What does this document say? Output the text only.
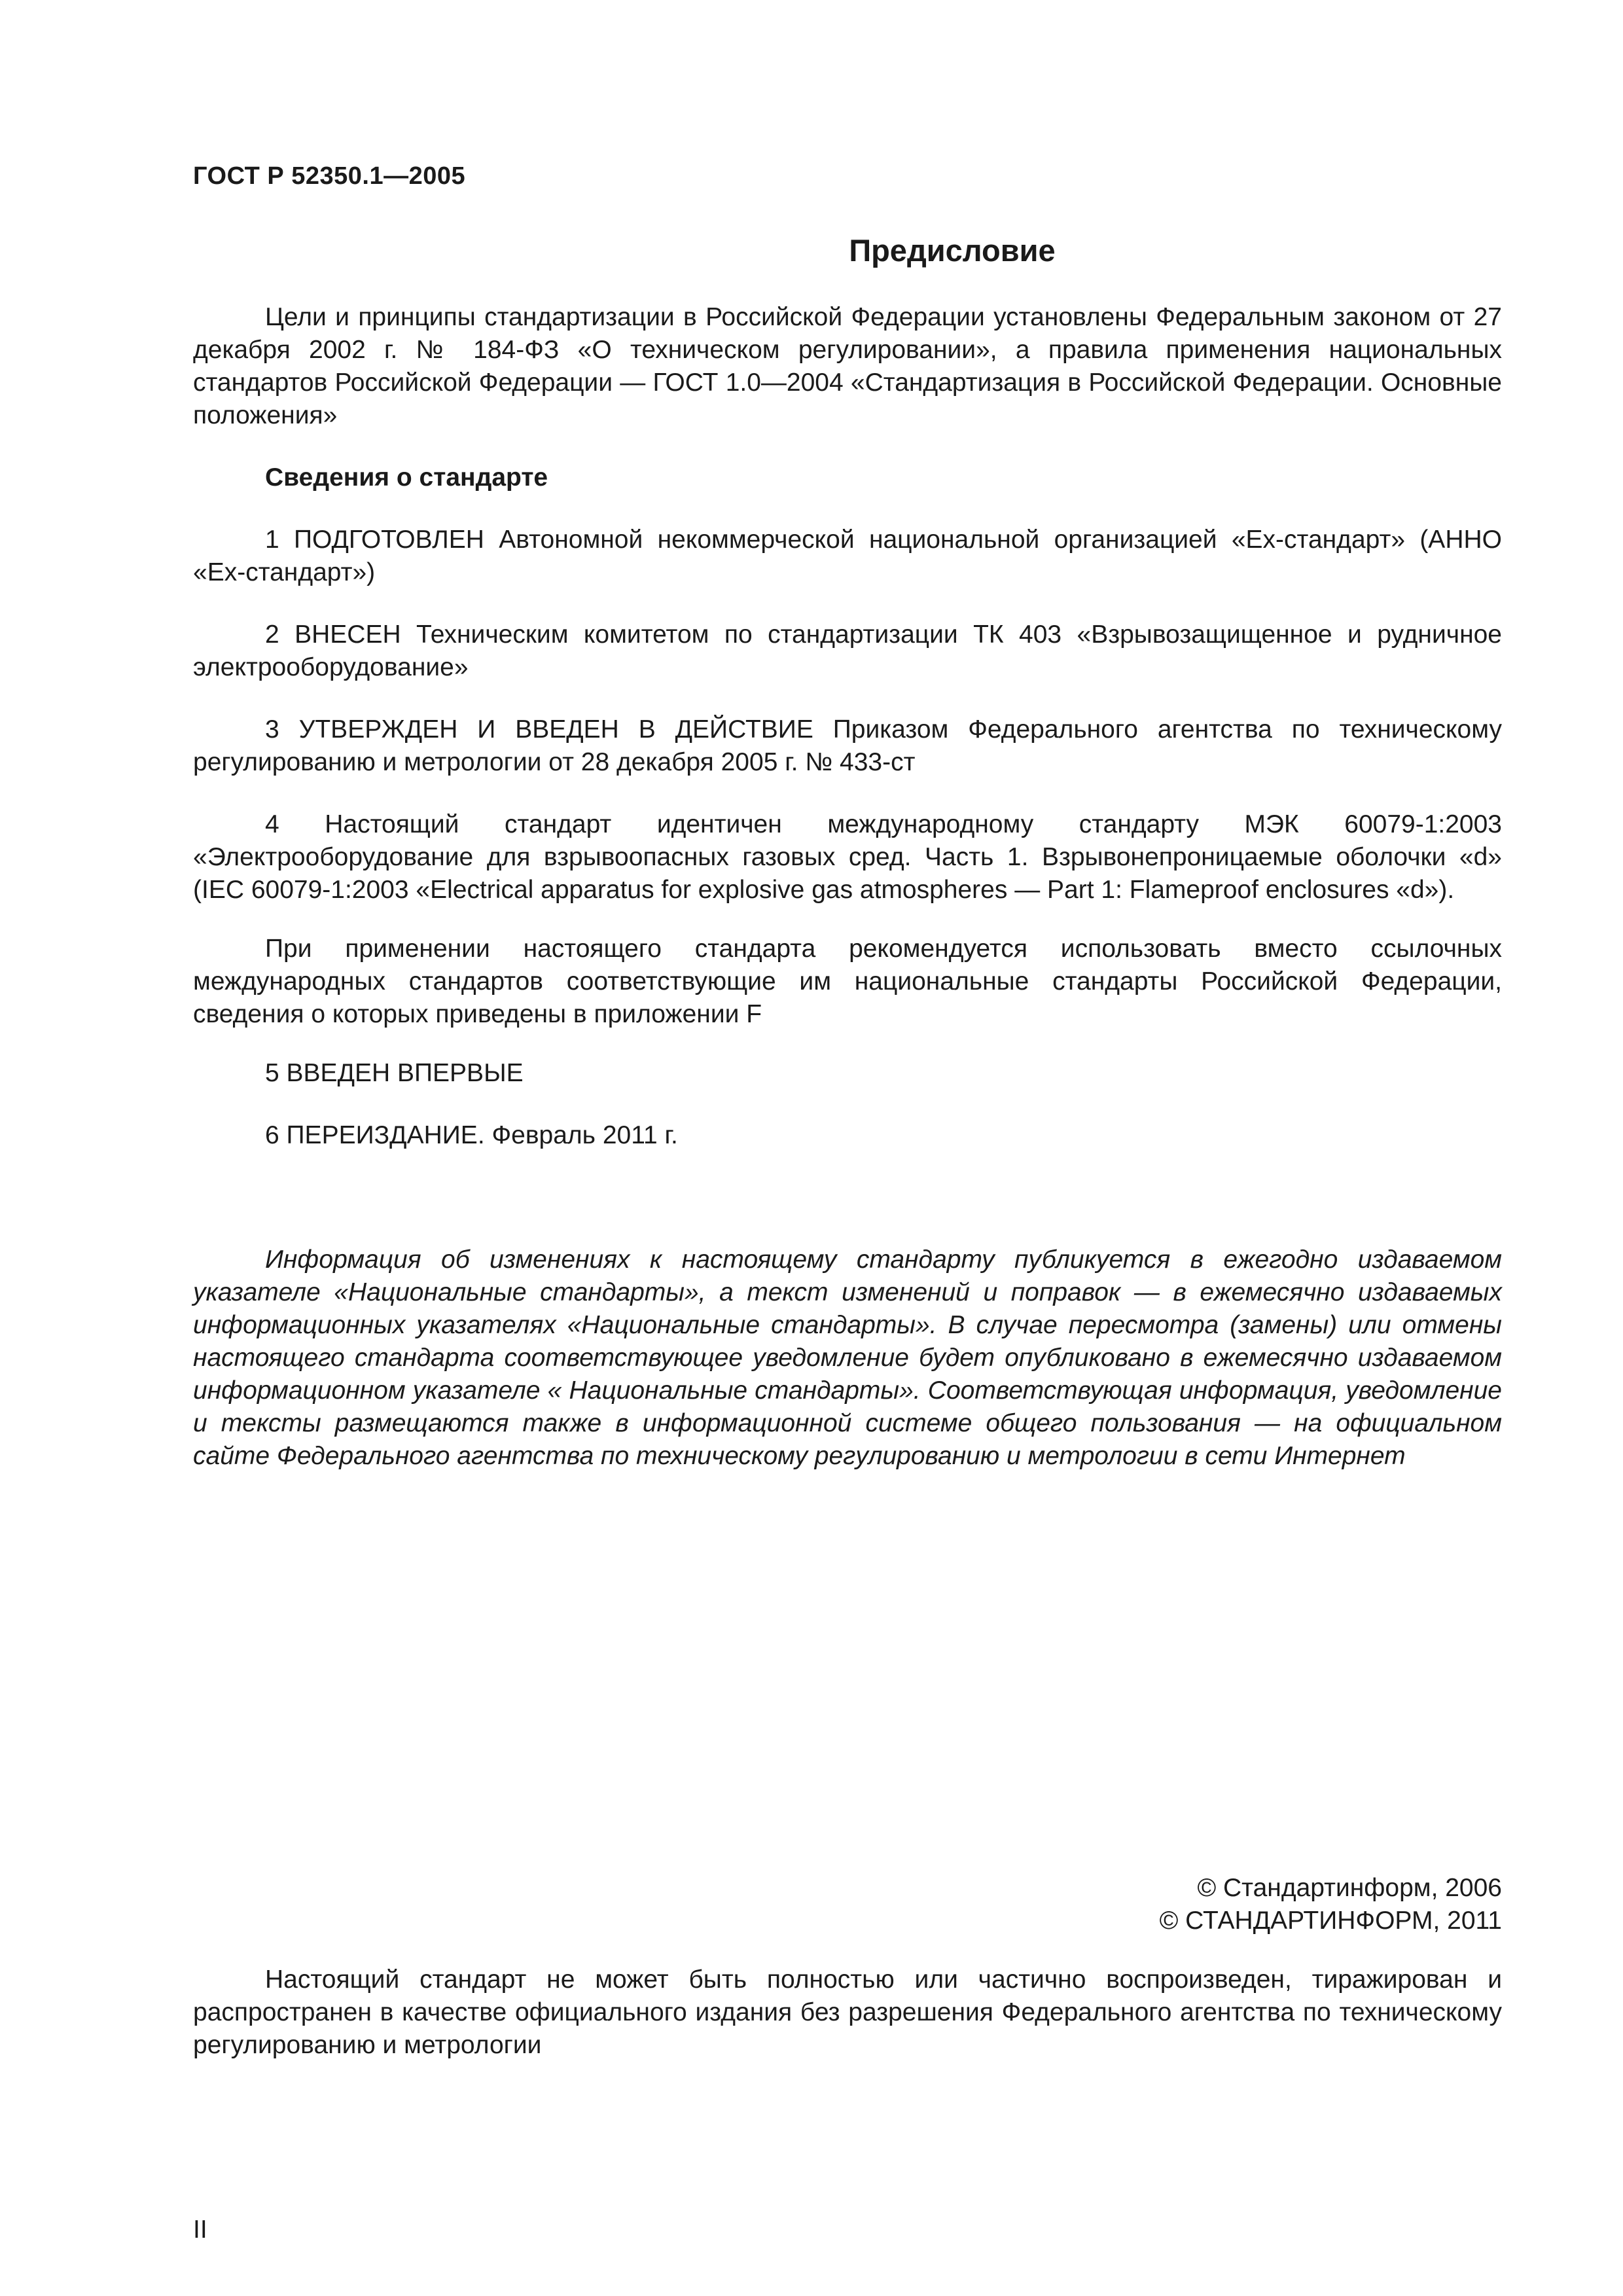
ГОСТ Р 52350.1—2005
Предисловие

Цели и принципы стандартизации в Российской Федерации установлены Федеральным законом от 27 декабря 2002 г. № 184-ФЗ «О техническом регулировании», а правила применения национальных стандартов Российской Федерации — ГОСТ 1.0—2004 «Стандартизация в Российской Федерации. Основные положения»

Сведения о стандарте

1 ПОДГОТОВЛЕН Автономной некоммерческой национальной организацией «Ех-стандарт» (АННО «Ех-стандарт»)

2 ВНЕСЕН Техническим комитетом по стандартизации ТК 403 «Взрывозащищенное и рудничное электрооборудование»

3 УТВЕРЖДЕН И ВВЕДЕН В ДЕЙСТВИЕ Приказом Федерального агентства по техническому регулированию и метрологии от 28 декабря 2005 г. № 433-ст

4 Настоящий стандарт идентичен международному стандарту МЭК 60079-1:2003 «Электрооборудование для взрывоопасных газовых сред. Часть 1. Взрывонепроницаемые оболочки «d» (IEC 60079-1:2003 «Electrical apparatus for explosive gas atmospheres — Part 1: Flameproof enclosures «d»).

При применении настоящего стандарта рекомендуется использовать вместо ссылочных международных стандартов соответствующие им национальные стандарты Российской Федерации, сведения о которых приведены в приложении F

5 ВВЕДЕН ВПЕРВЫЕ

6 ПЕРЕИЗДАНИЕ. Февраль 2011 г.

Информация об изменениях к настоящему стандарту публикуется в ежегодно издаваемом указателе «Национальные стандарты», а текст изменений и поправок — в ежемесячно издаваемых информационных указателях «Национальные стандарты». В случае пересмотра (замены) или отмены настоящего стандарта соответствующее уведомление будет опубликовано в ежемесячно издаваемом информационном указателе « Национальные стандарты». Соответствующая информация, уведомление и тексты размещаются также в информационной системе общего пользования — на официальном сайте Федерального агентства по техническому регулированию и метрологии в сети Интернет

© Стандартинформ, 2006
© СТАНДАРТИНФОРМ, 2011

Настоящий стандарт не может быть полностью или частично воспроизведен, тиражирован и распространен в качестве официального издания без разрешения Федерального агентства по техническому регулированию и метрологии

II
